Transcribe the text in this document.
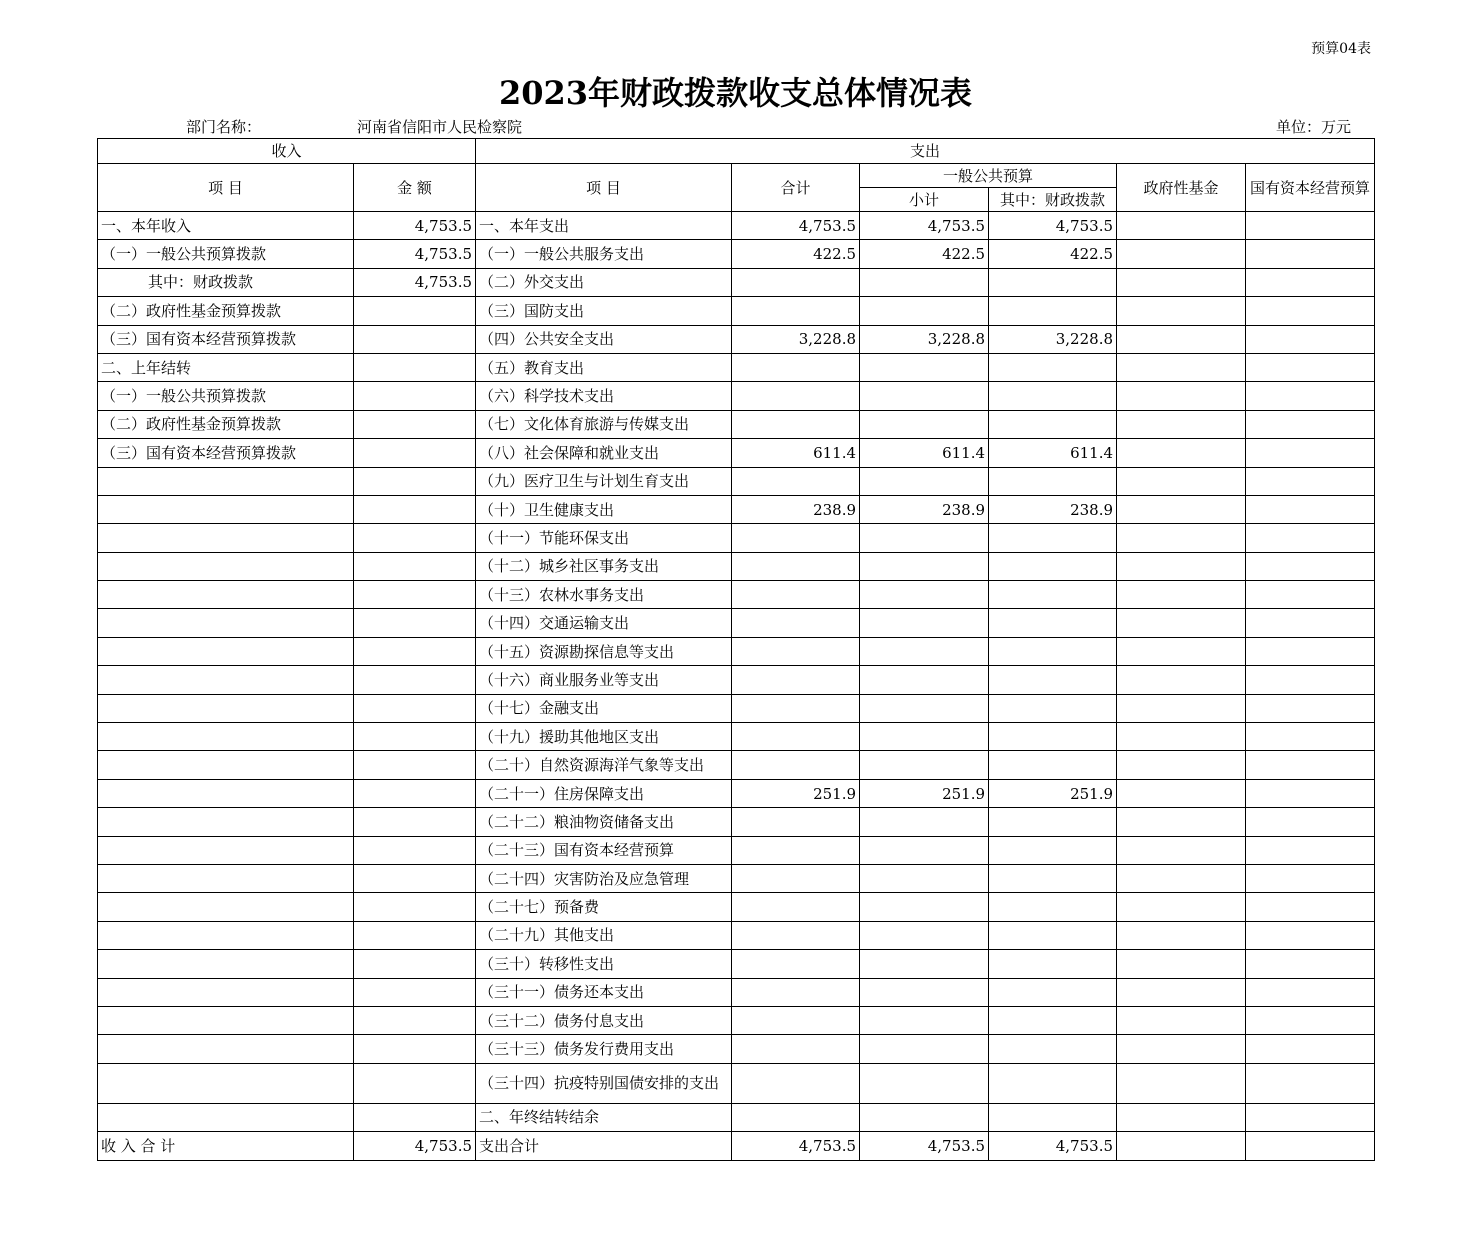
预算04表
2023年财政拨款收支总体情况表
部门名称：	河南省信阳市人民检察院	单位：万元
收入		支出					
项 目	金 额	项 目	合计	一般公共预算		政府性基金	国有资本经营预算
				小计	其中：财政拨款		
一、本年收入	4,753.5	一、本年支出	4,753.5	4,753.5	4,753.5		
（一）一般公共预算拨款	4,753.5	（一）一般公共服务支出	422.5	422.5	422.5		
其中：财政拨款	4,753.5	（二）外交支出					
（二）政府性基金预算拨款		（三）国防支出					
（三）国有资本经营预算拨款		（四）公共安全支出	3,228.8	3,228.8	3,228.8		
二、上年结转		（五）教育支出					
（一）一般公共预算拨款		（六）科学技术支出					
（二）政府性基金预算拨款		（七）文化体育旅游与传媒支出					
（三）国有资本经营预算拨款		（八）社会保障和就业支出	611.4	611.4	611.4		
		（九）医疗卫生与计划生育支出					
		（十）卫生健康支出	238.9	238.9	238.9		
		（十一）节能环保支出					
		（十二）城乡社区事务支出					
		（十三）农林水事务支出					
		（十四）交通运输支出					
		（十五）资源勘探信息等支出					
		（十六）商业服务业等支出					
		（十七）金融支出					
		（十九）援助其他地区支出					
		（二十）自然资源海洋气象等支出					
		（二十一）住房保障支出	251.9	251.9	251.9		
		（二十二）粮油物资储备支出					
		（二十三）国有资本经营预算					
		（二十四）灾害防治及应急管理					
		（二十七）预备费					
		（二十九）其他支出					
		（三十）转移性支出					
		（三十一）债务还本支出					
		（三十二）债务付息支出					
		（三十三）债务发行费用支出					
		（三十四）抗疫特别国债安排的支出					
		二、年终结转结余					
收 入 合 计	4,753.5	支出合计	4,753.5	4,753.5	4,753.5		
